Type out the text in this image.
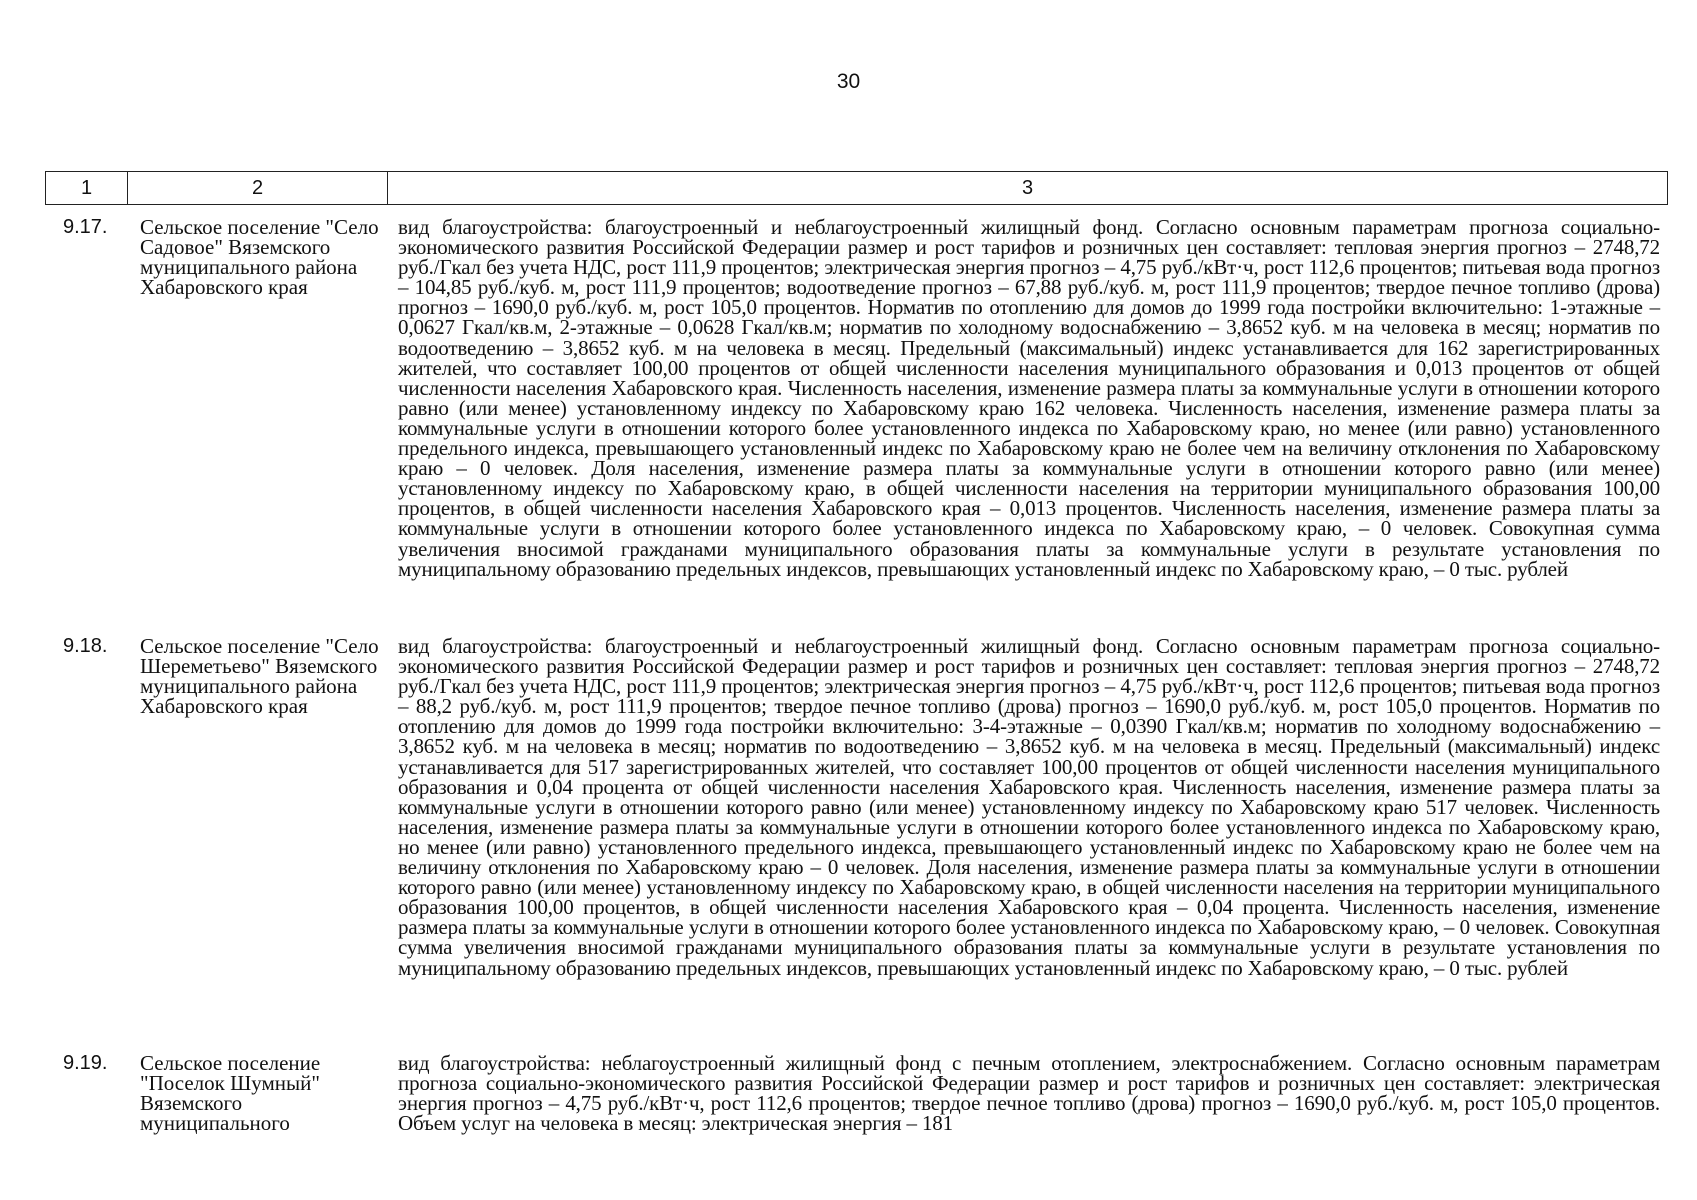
30
1	2	3
9.17. Сельское поселение "Село Садовое" Вяземского муниципального района Хабаровского края
вид благоустройства: благоустроенный и неблагоустроенный жилищный фонд. Согласно основным параметрам прогноза социально-экономического развития Российской Федерации размер и рост тарифов и розничных цен составляет: тепловая энергия прогноз – 2748,72 руб./Гкал без учета НДС, рост 111,9 процентов; электрическая энергия прогноз – 4,75 руб./кВт·ч, рост 112,6 процентов; питьевая вода прогноз – 104,85 руб./куб. м, рост 111,9 процентов; водоотведение прогноз – 67,88 руб./куб. м, рост 111,9 процентов; твердое печное топливо (дрова) прогноз – 1690,0 руб./куб. м, рост 105,0 процентов. Норматив по отоплению для домов до 1999 года постройки включительно: 1-этажные – 0,0627 Гкал/кв.м, 2-этажные – 0,0628 Гкал/кв.м; норматив по холодному водоснабжению – 3,8652 куб. м на человека в месяц; норматив по водоотведению – 3,8652 куб. м на человека в месяц. Предельный (максимальный) индекс устанавливается для 162 зарегистрированных жителей, что составляет 100,00 процентов от общей численности населения муниципального образования и 0,013 процентов от общей численности населения Хабаровского края. Численность населения, изменение размера платы за коммунальные услуги в отношении которого равно (или менее) установленному индексу по Хабаровскому краю 162 человека. Численность населения, изменение размера платы за коммунальные услуги в отношении которого более установленного индекса по Хабаровскому краю, но менее (или равно) установленного предельного индекса, превышающего установленный индекс по Хабаровскому краю не более чем на величину отклонения по Хабаровскому краю – 0 человек. Доля населения, изменение размера платы за коммунальные услуги в отношении которого равно (или менее) установленному индексу по Хабаровскому краю, в общей численности населения на территории муниципального образования 100,00 процентов, в общей численности населения Хабаровского края – 0,013 процентов. Численность населения, изменение размера платы за коммунальные услуги в отношении которого более установленного индекса по Хабаровскому краю, – 0 человек. Совокупная сумма увеличения вносимой гражданами муниципального образования платы за коммунальные услуги в результате установления по муниципальному образованию предельных индексов, превышающих установленный индекс по Хабаровскому краю, – 0 тыс. рублей
9.18. Сельское поселение "Село Шереметьево" Вяземского муниципального района Хабаровского края
вид благоустройства: благоустроенный и неблагоустроенный жилищный фонд. Согласно основным параметрам прогноза социально-экономического развития Российской Федерации размер и рост тарифов и розничных цен составляет: тепловая энергия прогноз – 2748,72 руб./Гкал без учета НДС, рост 111,9 процентов; электрическая энергия прогноз – 4,75 руб./кВт·ч, рост 112,6 процентов; питьевая вода прогноз – 88,2 руб./куб. м, рост 111,9 процентов; твердое печное топливо (дрова) прогноз – 1690,0 руб./куб. м, рост 105,0 процентов. Норматив по отоплению для домов до 1999 года постройки включительно: 3-4-этажные – 0,0390 Гкал/кв.м; норматив по холодному водоснабжению – 3,8652 куб. м на человека в месяц; норматив по водоотведению – 3,8652 куб. м на человека в месяц. Предельный (максимальный) индекс устанавливается для 517 зарегистрированных жителей, что составляет 100,00 процентов от общей численности населения муниципального образования и 0,04 процента от общей численности населения Хабаровского края. Численность населения, изменение размера платы за коммунальные услуги в отношении которого равно (или менее) установленному индексу по Хабаровскому краю 517 человек. Численность населения, изменение размера платы за коммунальные услуги в отношении которого более установленного индекса по Хабаровскому краю, но менее (или равно) установленного предельного индекса, превышающего установленный индекс по Хабаровскому краю не более чем на величину отклонения по Хабаровскому краю – 0 человек. Доля населения, изменение размера платы за коммунальные услуги в отношении которого равно (или менее) установленному индексу по Хабаровскому краю, в общей численности населения на территории муниципального образования 100,00 процентов, в общей численности населения Хабаровского края – 0,04 процента. Численность населения, изменение размера платы за коммунальные услуги в отношении которого более установленного индекса по Хабаровскому краю, – 0 человек. Совокупная сумма увеличения вносимой гражданами муниципального образования платы за коммунальные услуги в результате установления по муниципальному образованию предельных индексов, превышающих установленный индекс по Хабаровскому краю, – 0 тыс. рублей
9.19. Сельское поселение "Поселок Шумный" Вяземского муниципального
вид благоустройства: неблагоустроенный жилищный фонд с печным отоплением, электроснабжением. Согласно основным параметрам прогноза социально-экономического развития Российской Федерации размер и рост тарифов и розничных цен составляет: электрическая энергия прогноз – 4,75 руб./кВт·ч, рост 112,6 процентов; твердое печное топливо (дрова) прогноз – 1690,0 руб./куб. м, рост 105,0 процентов. Объем услуг на человека в месяц: электрическая энергия – 181
